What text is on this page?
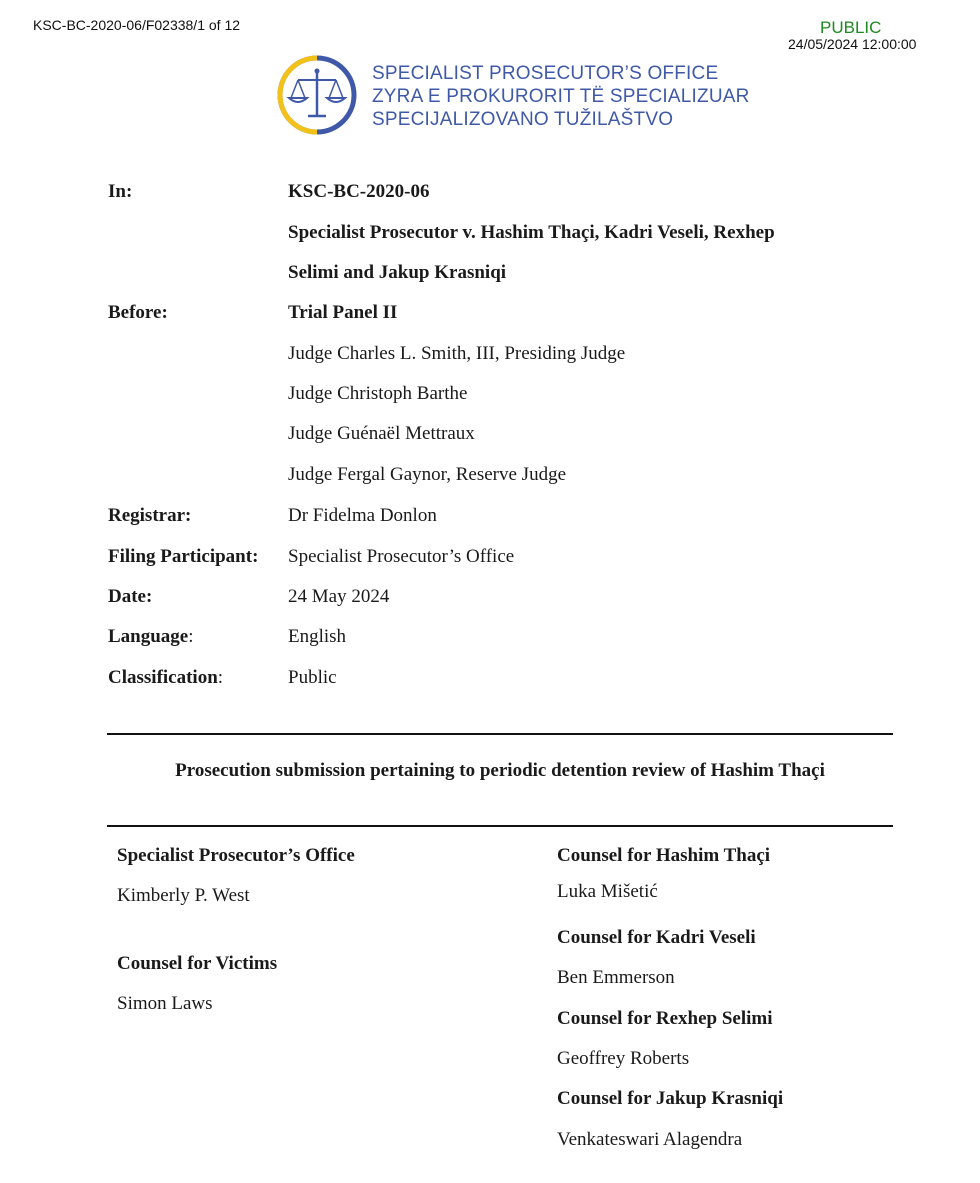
KSC-BC-2020-06/F02338/1 of 12	PUBLIC
24/05/2024 12:00:00
SPECIALIST PROSECUTOR’S OFFICE
ZYRA E PROKURORIT TË SPECIALIZUAR
SPECIJALIZOVANO TUŽILAŠTVO
In:	KSC-BC-2020-06
Specialist Prosecutor v. Hashim Thaçi, Kadri Veseli, Rexhep
Selimi and Jakup Krasniqi
Before:	Trial Panel II
Judge Charles L. Smith, III, Presiding Judge
Judge Christoph Barthe
Judge Guénaël Mettraux
Judge Fergal Gaynor, Reserve Judge
Registrar:	Dr Fidelma Donlon
Filing Participant: Specialist Prosecutor’s Office
Date:	24 May 2024
Language:	English
Classification:	Public
Prosecution submission pertaining to periodic detention review of Hashim Thaçi
Specialist Prosecutor’s Office
Kimberly P. West
Counsel for Victims
Simon Laws
Counsel for Hashim Thaçi
Luka Mišetić
Counsel for Kadri Veseli
Ben Emmerson
Counsel for Rexhep Selimi
Geoffrey Roberts
Counsel for Jakup Krasniqi
Venkateswari Alagendra
